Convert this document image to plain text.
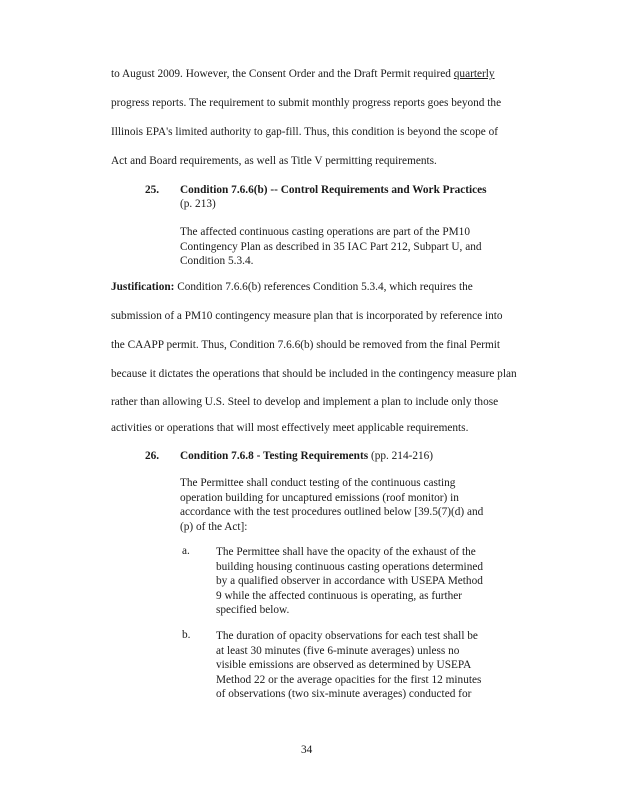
to August 2009. However, the Consent Order and the Draft Permit required quarterly
progress reports. The requirement to submit monthly progress reports goes beyond the
Illinois EPA's limited authority to gap-fill. Thus, this condition is beyond the scope of
Act and Board requirements, as well as Title V permitting requirements.
25. Condition 7.6.6(b) -- Control Requirements and Work Practices
(p. 213)
The affected continuous casting operations are part of the PM10
Contingency Plan as described in 35 IAC Part 212, Subpart U, and
Condition 5.3.4.
Justification: Condition 7.6.6(b) references Condition 5.3.4, which requires the
submission of a PM10 contingency measure plan that is incorporated by reference into
the CAAPP permit. Thus, Condition 7.6.6(b) should be removed from the final Permit
because it dictates the operations that should be included in the contingency measure plan
rather than allowing U.S. Steel to develop and implement a plan to include only those
activities or operations that will most effectively meet applicable requirements.
26. Condition 7.6.8 - Testing Requirements (pp. 214-216)
The Permittee shall conduct testing of the continuous casting
operation building for uncaptured emissions (roof monitor) in
accordance with the test procedures outlined below [39.5(7)(d) and
(p) of the Act]:
a. The Permittee shall have the opacity of the exhaust of the
building housing continuous casting operations determined
by a qualified observer in accordance with USEPA Method
9 while the affected continuous is operating, as further
specified below.
b. The duration of opacity observations for each test shall be
at least 30 minutes (five 6-minute averages) unless no
visible emissions are observed as determined by USEPA
Method 22 or the average opacities for the first 12 minutes
of observations (two six-minute averages) conducted for
34
